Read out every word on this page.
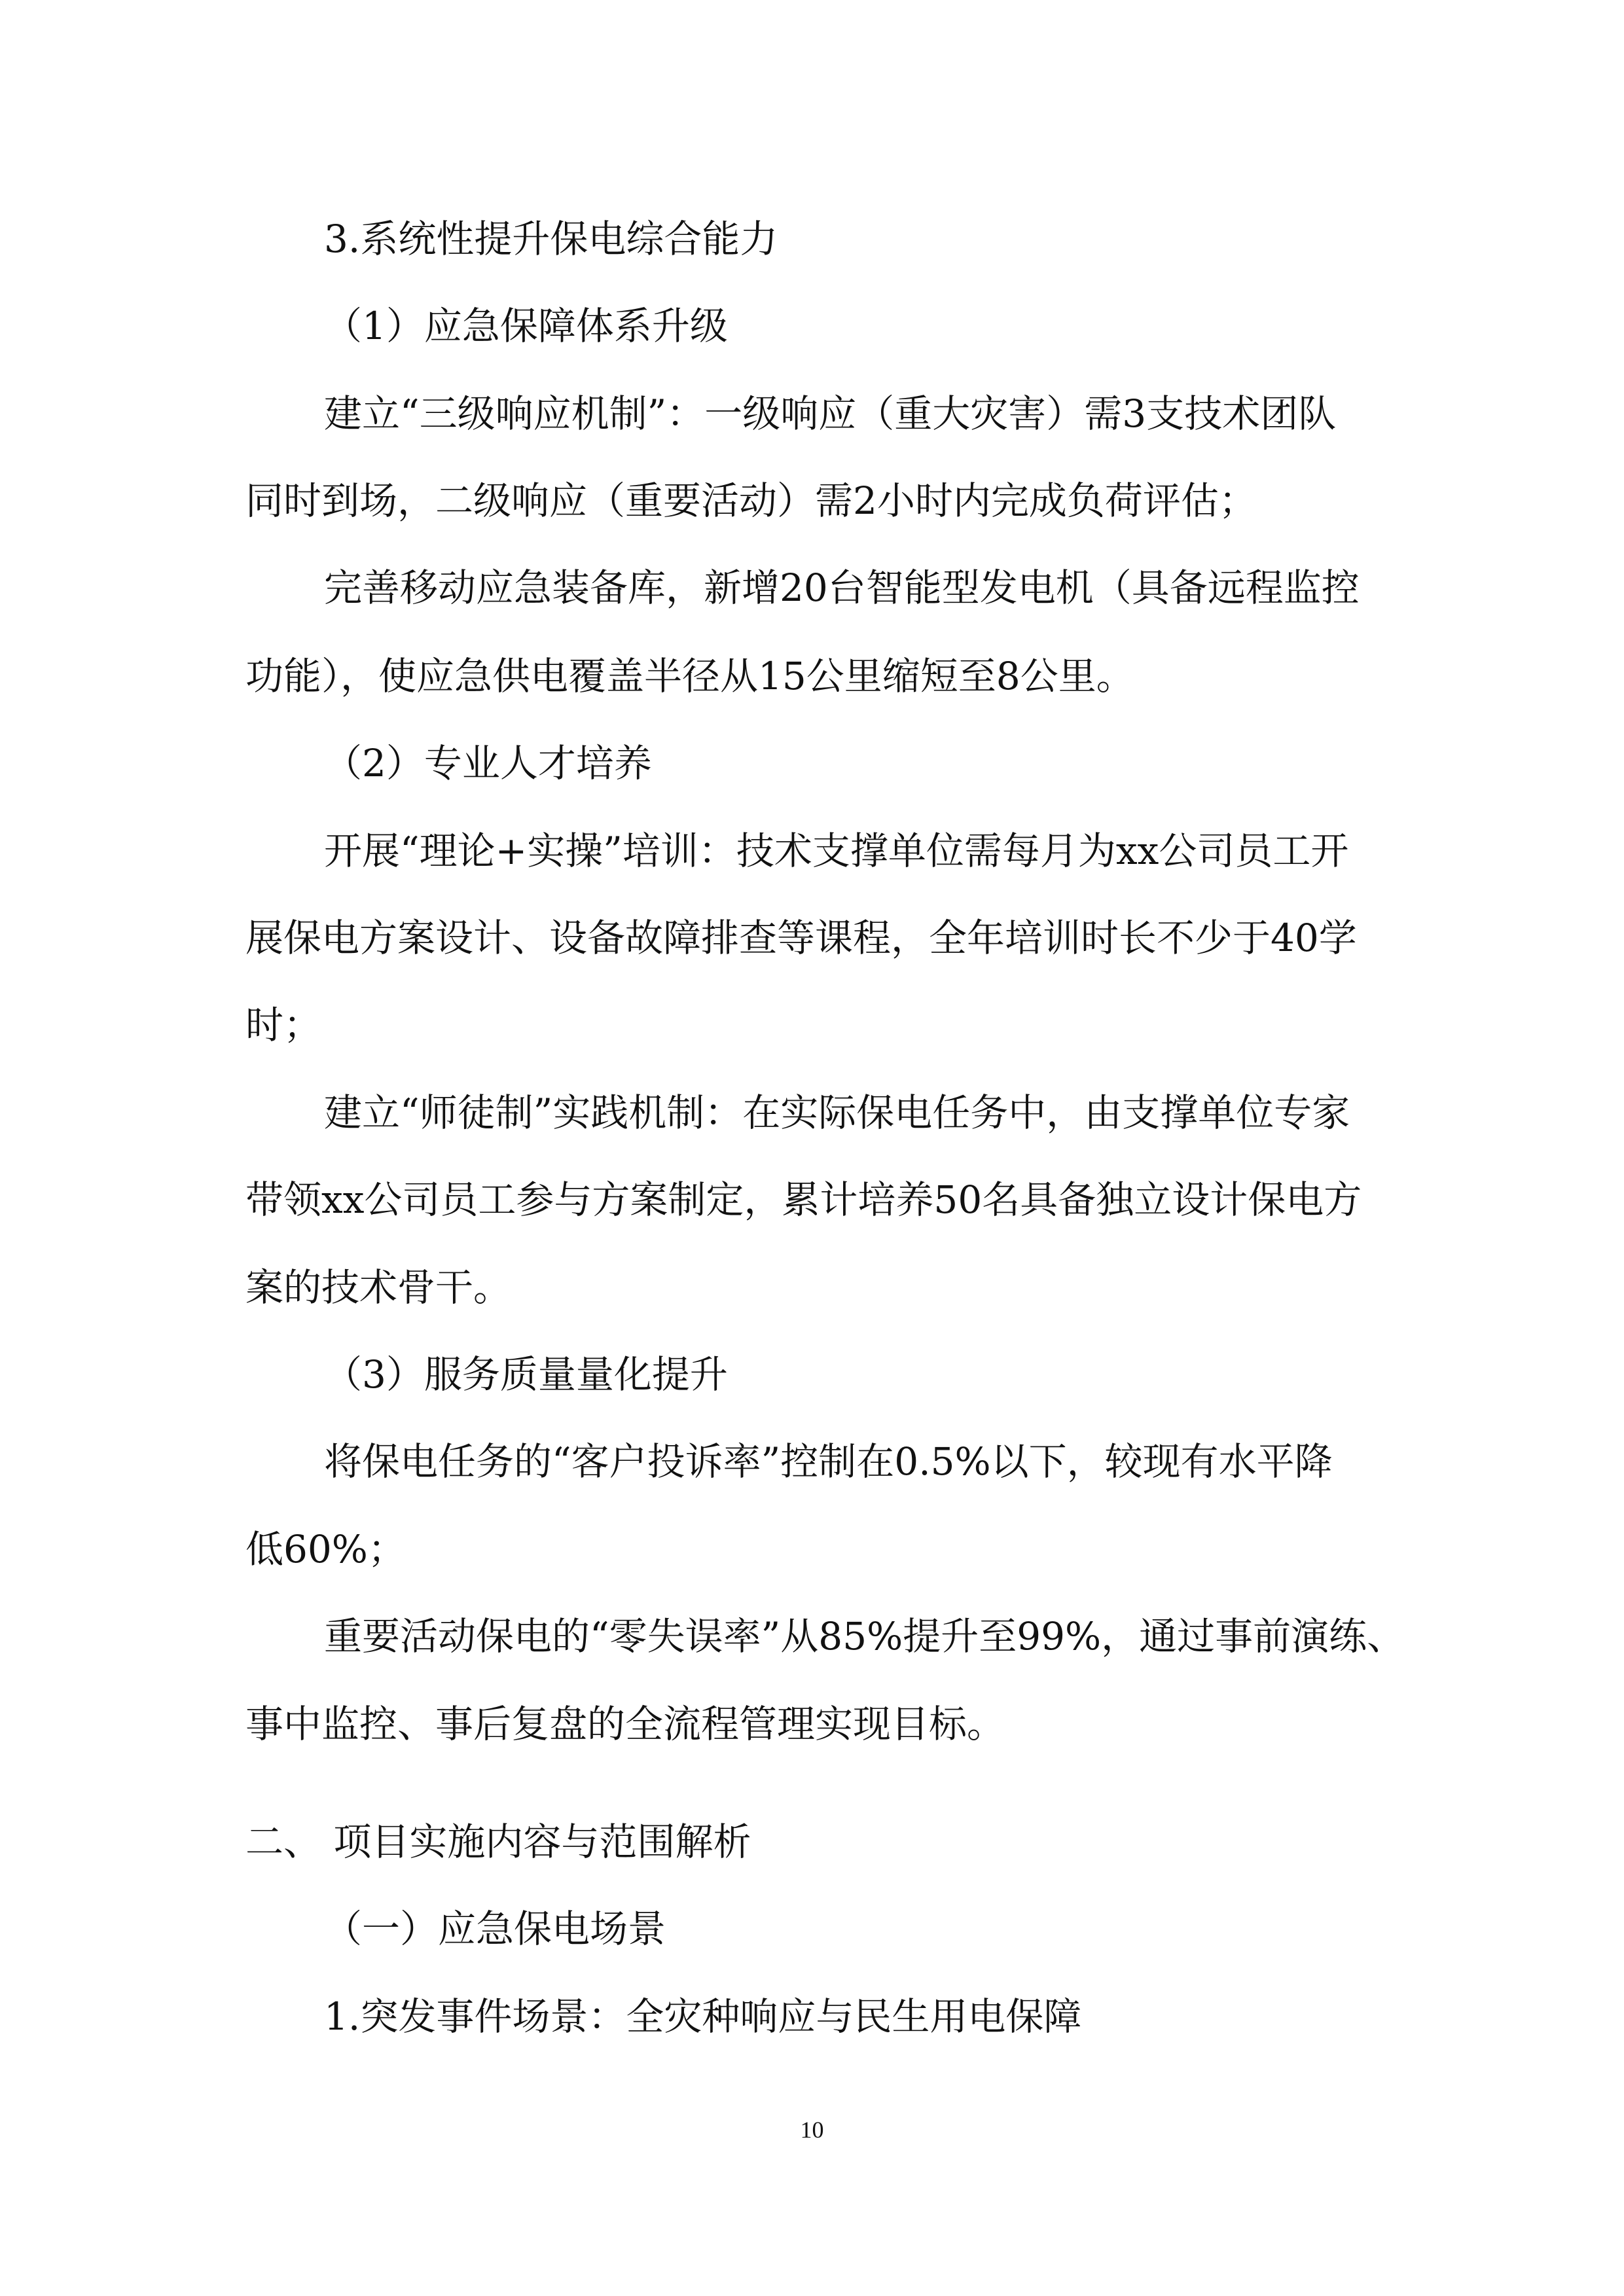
3.系统性提升保电综合能力
（1）应急保障体系升级
建立“三级响应机制”：一级响应（重大灾害）需3支技术团队
同时到场，二级响应（重要活动）需2小时内完成负荷评估；
完善移动应急装备库，新增20台智能型发电机（具备远程监控
功能），使应急供电覆盖半径从15公里缩短至8公里。
（2）专业人才培养
开展“理论+实操”培训：技术支撑单位需每月为xx公司员工开
展保电方案设计、设备故障排查等课程，全年培训时长不少于40学
时；
建立“师徒制”实践机制：在实际保电任务中，由支撑单位专家
带领xx公司员工参与方案制定，累计培养50名具备独立设计保电方
案的技术骨干。
（3）服务质量量化提升
将保电任务的“客户投诉率”控制在0.5%以下，较现有水平降
低60%；
重要活动保电的“零失误率”从85%提升至99%，通过事前演练、
事中监控、事后复盘的全流程管理实现目标。
二、 项目实施内容与范围解析
（一）应急保电场景
1.突发事件场景：全灾种响应与民生用电保障
10
